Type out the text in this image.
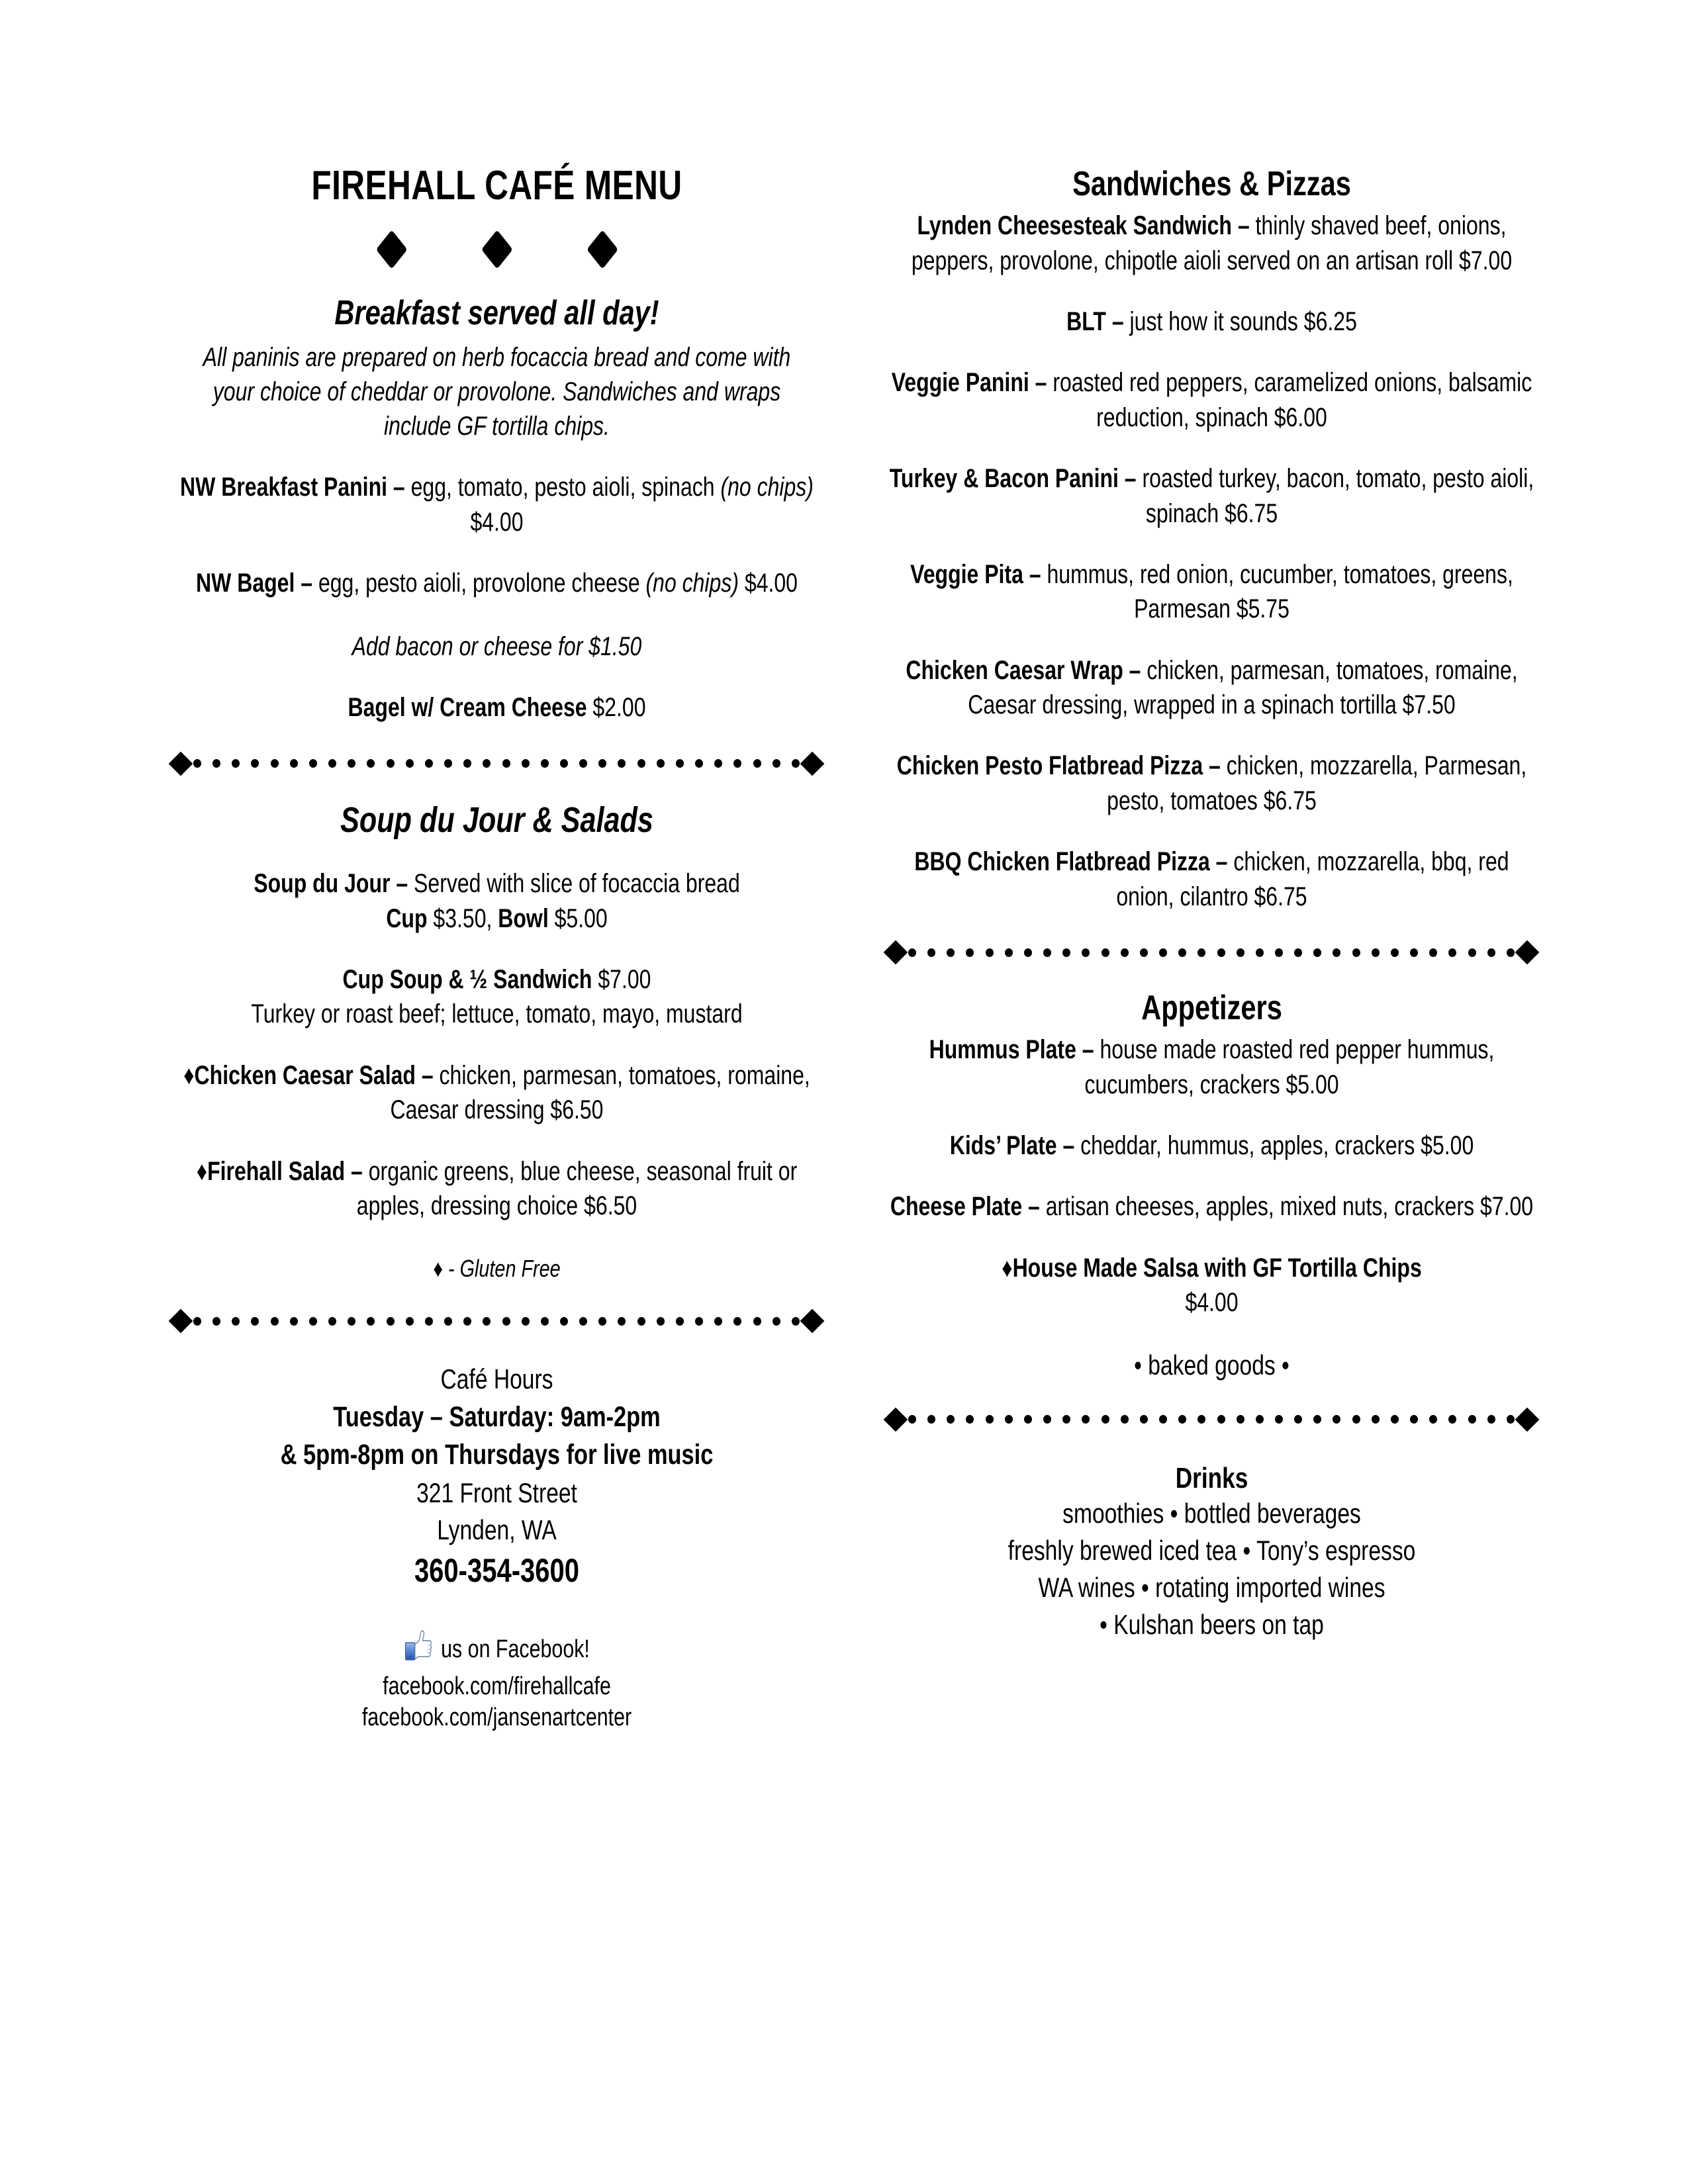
FIREHALL CAFÉ MENU
Breakfast served all day!
All paninis are prepared on herb focaccia bread and come with your choice of cheddar or provolone. Sandwiches and wraps include GF tortilla chips.
NW Breakfast Panini – egg, tomato, pesto aioli, spinach (no chips) $4.00
NW Bagel – egg, pesto aioli, provolone cheese (no chips) $4.00
Add bacon or cheese for $1.50
Bagel w/ Cream Cheese $2.00
Soup du Jour & Salads
Soup du Jour – Served with slice of focaccia bread
Cup $3.50, Bowl $5.00
Cup Soup & ½ Sandwich $7.00
Turkey or roast beef; lettuce, tomato, mayo, mustard
♦Chicken Caesar Salad – chicken, parmesan, tomatoes, romaine, Caesar dressing $6.50
♦Firehall Salad – organic greens, blue cheese, seasonal fruit or apples, dressing choice $6.50
♦ - Gluten Free
Café Hours
Tuesday – Saturday: 9am-2pm
& 5pm-8pm on Thursdays for live music
321 Front Street
Lynden, WA
360-354-3600
us on Facebook!
facebook.com/firehallcafe
facebook.com/jansenartcenter
Sandwiches & Pizzas
Lynden Cheesesteak Sandwich – thinly shaved beef, onions, peppers, provolone, chipotle aioli served on an artisan roll $7.00
BLT – just how it sounds $6.25
Veggie Panini – roasted red peppers, caramelized onions, balsamic reduction, spinach $6.00
Turkey & Bacon Panini – roasted turkey, bacon, tomato, pesto aioli, spinach $6.75
Veggie Pita – hummus, red onion, cucumber, tomatoes, greens, Parmesan $5.75
Chicken Caesar Wrap – chicken, parmesan, tomatoes, romaine, Caesar dressing, wrapped in a spinach tortilla $7.50
Chicken Pesto Flatbread Pizza – chicken, mozzarella, Parmesan, pesto, tomatoes $6.75
BBQ Chicken Flatbread Pizza – chicken, mozzarella, bbq, red onion, cilantro $6.75
Appetizers
Hummus Plate – house made roasted red pepper hummus, cucumbers, crackers $5.00
Kids’ Plate – cheddar, hummus, apples, crackers $5.00
Cheese Plate – artisan cheeses, apples, mixed nuts, crackers $7.00
♦House Made Salsa with GF Tortilla Chips
$4.00
• baked goods •
Drinks
smoothies • bottled beverages
freshly brewed iced tea • Tony’s espresso
WA wines • rotating imported wines
• Kulshan beers on tap
